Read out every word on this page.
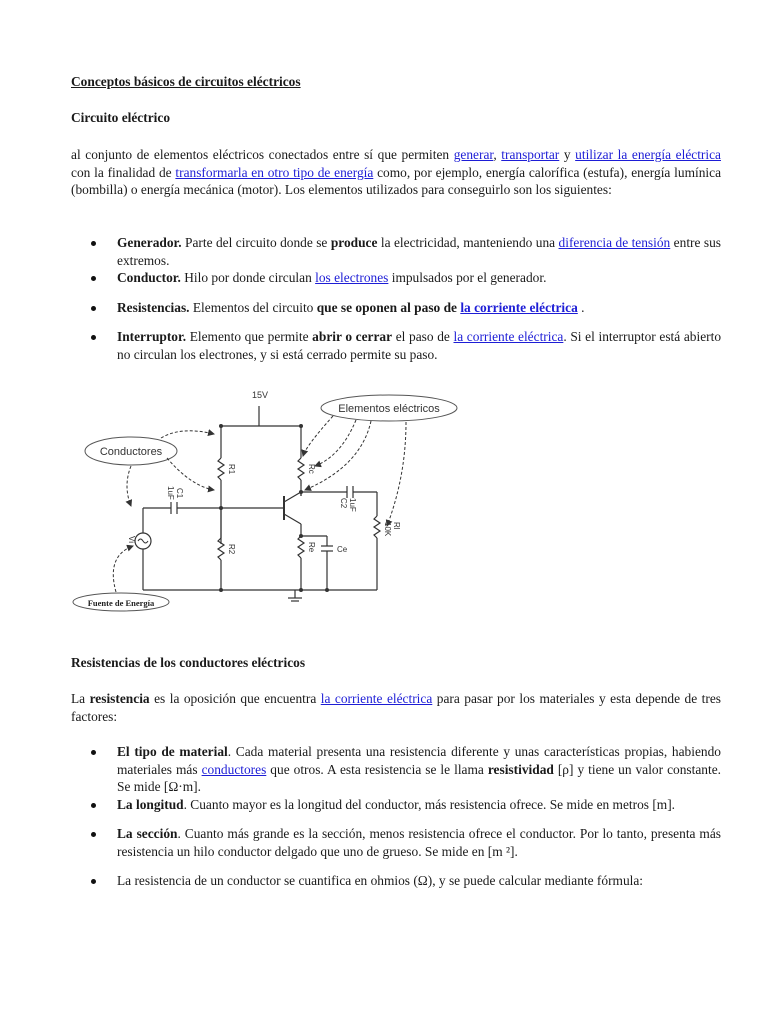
Conceptos básicos de circuitos eléctricos
Circuito eléctrico
al conjunto de elementos eléctricos conectados entre sí que permiten generar, transportar y utilizar la energía eléctrica con la finalidad de transformarla en otro tipo de energía como, por ejemplo, energía calorífica (estufa), energía lumínica (bombilla) o energía mecánica (motor). Los elementos utilizados para conseguirlo son los siguientes:
Generador. Parte del circuito donde se produce la electricidad, manteniendo una diferencia de tensión entre sus extremos.
Conductor. Hilo por donde circulan los electrones impulsados por el generador.
Resistencias. Elementos del circuito que se oponen al paso de la corriente eléctrica .
Interruptor. Elemento que permite abrir o cerrar el paso de la corriente eléctrica. Si el interruptor está abierto no circulan los electrones, y si está cerrado permite su paso.
Resistencias de los conductores eléctricos
La resistencia es la oposición que encuentra la corriente eléctrica para pasar por los materiales y esta depende de tres factores:
El tipo de material. Cada material presenta una resistencia diferente y unas características propias, habiendo materiales más conductores que otros. A esta resistencia se le llama resistividad [ρ] y tiene un valor constante. Se mide [Ω·m].
La longitud. Cuanto mayor es la longitud del conductor, más resistencia ofrece. Se mide en metros [m].
La sección. Cuanto más grande es la sección, menos resistencia ofrece el conductor. Por lo tanto, presenta más resistencia un hilo conductor delgado que uno de grueso. Se mide en [m ²].
La resistencia de un conductor se cuantifica en ohmios (Ω), y se puede calcular mediante fórmula:
15V
R1	Rc
R2	Re
C1
1uF
C2 1uF
Ce
Rl
10K
Vi
Elementos eléctricos
Conductores
Fuente de Energía
